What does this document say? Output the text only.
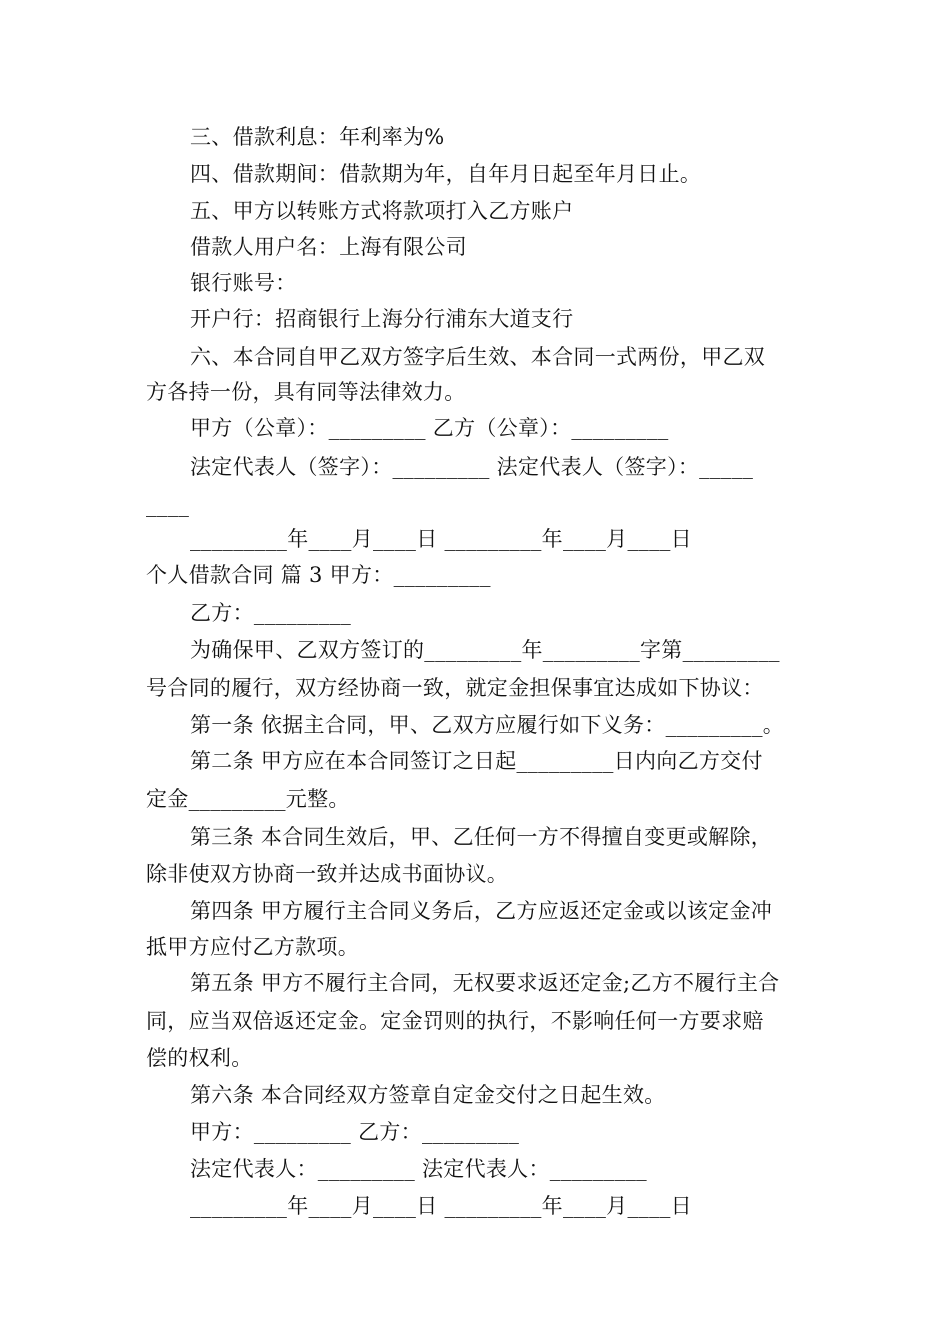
三、借款利息：年利率为%
四、借款期间：借款期为年，自年月日起至年月日止。
五、甲方以转账方式将款项打入乙方账户
借款人用户名：上海有限公司
银行账号：
开户行：招商银行上海分行浦东大道支行
六、本合同自甲乙双方签字后生效、本合同一式两份，甲乙双
方各持一份，具有同等法律效力。
甲方（公章）：_________ 乙方（公章）：_________
法定代表人（签字）：_________ 法定代表人（签字）：_____
____
_________年____月____日 _________年____月____日
个人借款合同 篇 3 甲方：_________
乙方：_________
为确保甲、乙双方签订的_________年_________字第_________
号合同的履行，双方经协商一致，就定金担保事宜达成如下协议：
第一条 依据主合同，甲、乙双方应履行如下义务：_________。
第二条 甲方应在本合同签订之日起_________日内向乙方交付
定金_________元整。
第三条 本合同生效后，甲、乙任何一方不得擅自变更或解除，
除非使双方协商一致并达成书面协议。
第四条 甲方履行主合同义务后，乙方应返还定金或以该定金冲
抵甲方应付乙方款项。
第五条 甲方不履行主合同，无权要求返还定金;乙方不履行主合
同，应当双倍返还定金。定金罚则的执行，不影响任何一方要求赔
偿的权利。
第六条 本合同经双方签章自定金交付之日起生效。
甲方：_________ 乙方：_________
法定代表人：_________ 法定代表人：_________
_________年____月____日 _________年____月____日
